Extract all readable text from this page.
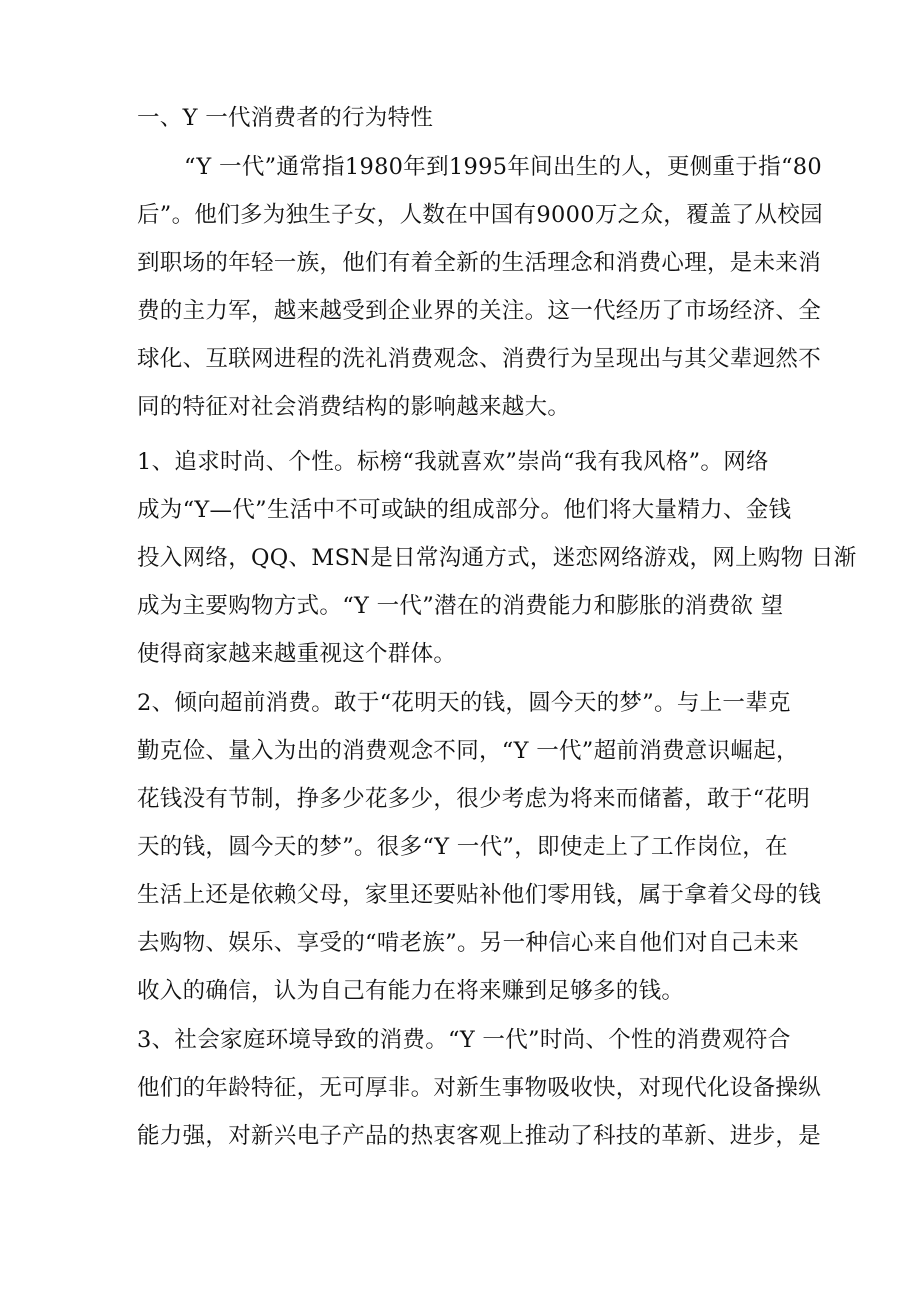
一、Y 一代消费者的行为特性
“Y 一代”通常指1980年到1995年间出生的人，更侧重于指“80
后”。他们多为独生子女，人数在中国有9000万之众，覆盖了从校园
到职场的年轻一族，他们有着全新的生活理念和消费心理，是未来消
费的主力军，越来越受到企业界的关注。这一代经历了市场经济、全
球化、互联网进程的洗礼消费观念、消费行为呈现出与其父辈迥然不
同的特征对社会消费结构的影响越来越大。
1、追求时尚、个性。标榜“我就喜欢”崇尚“我有我风格”。网络
成为“Y—代”生活中不可或缺的组成部分。他们将大量精力、金钱
投入网络，QQ、MSN是日常沟通方式，迷恋网络游戏，网上购物 日渐
成为主要购物方式。“Y 一代”潜在的消费能力和膨胀的消费欲 望
使得商家越来越重视这个群体。
2、倾向超前消费。敢于“花明天的钱，圆今天的梦”。与上一辈克
勤克俭、量入为出的消费观念不同，“Y 一代”超前消费意识崛起，
花钱没有节制，挣多少花多少，很少考虑为将来而储蓄，敢于“花明
天的钱，圆今天的梦”。很多“Y 一代”，即使走上了工作岗位，在
生活上还是依赖父母，家里还要贴补他们零用钱，属于拿着父母的钱
去购物、娱乐、享受的“啃老族”。另一种信心来自他们对自己未来
收入的确信，认为自己有能力在将来赚到足够多的钱。
3、社会家庭环境导致的消费。“Y 一代”时尚、个性的消费观符合
他们的年龄特征，无可厚非。对新生事物吸收快，对现代化设备操纵
能力强，对新兴电子产品的热衷客观上推动了科技的革新、进步，是
